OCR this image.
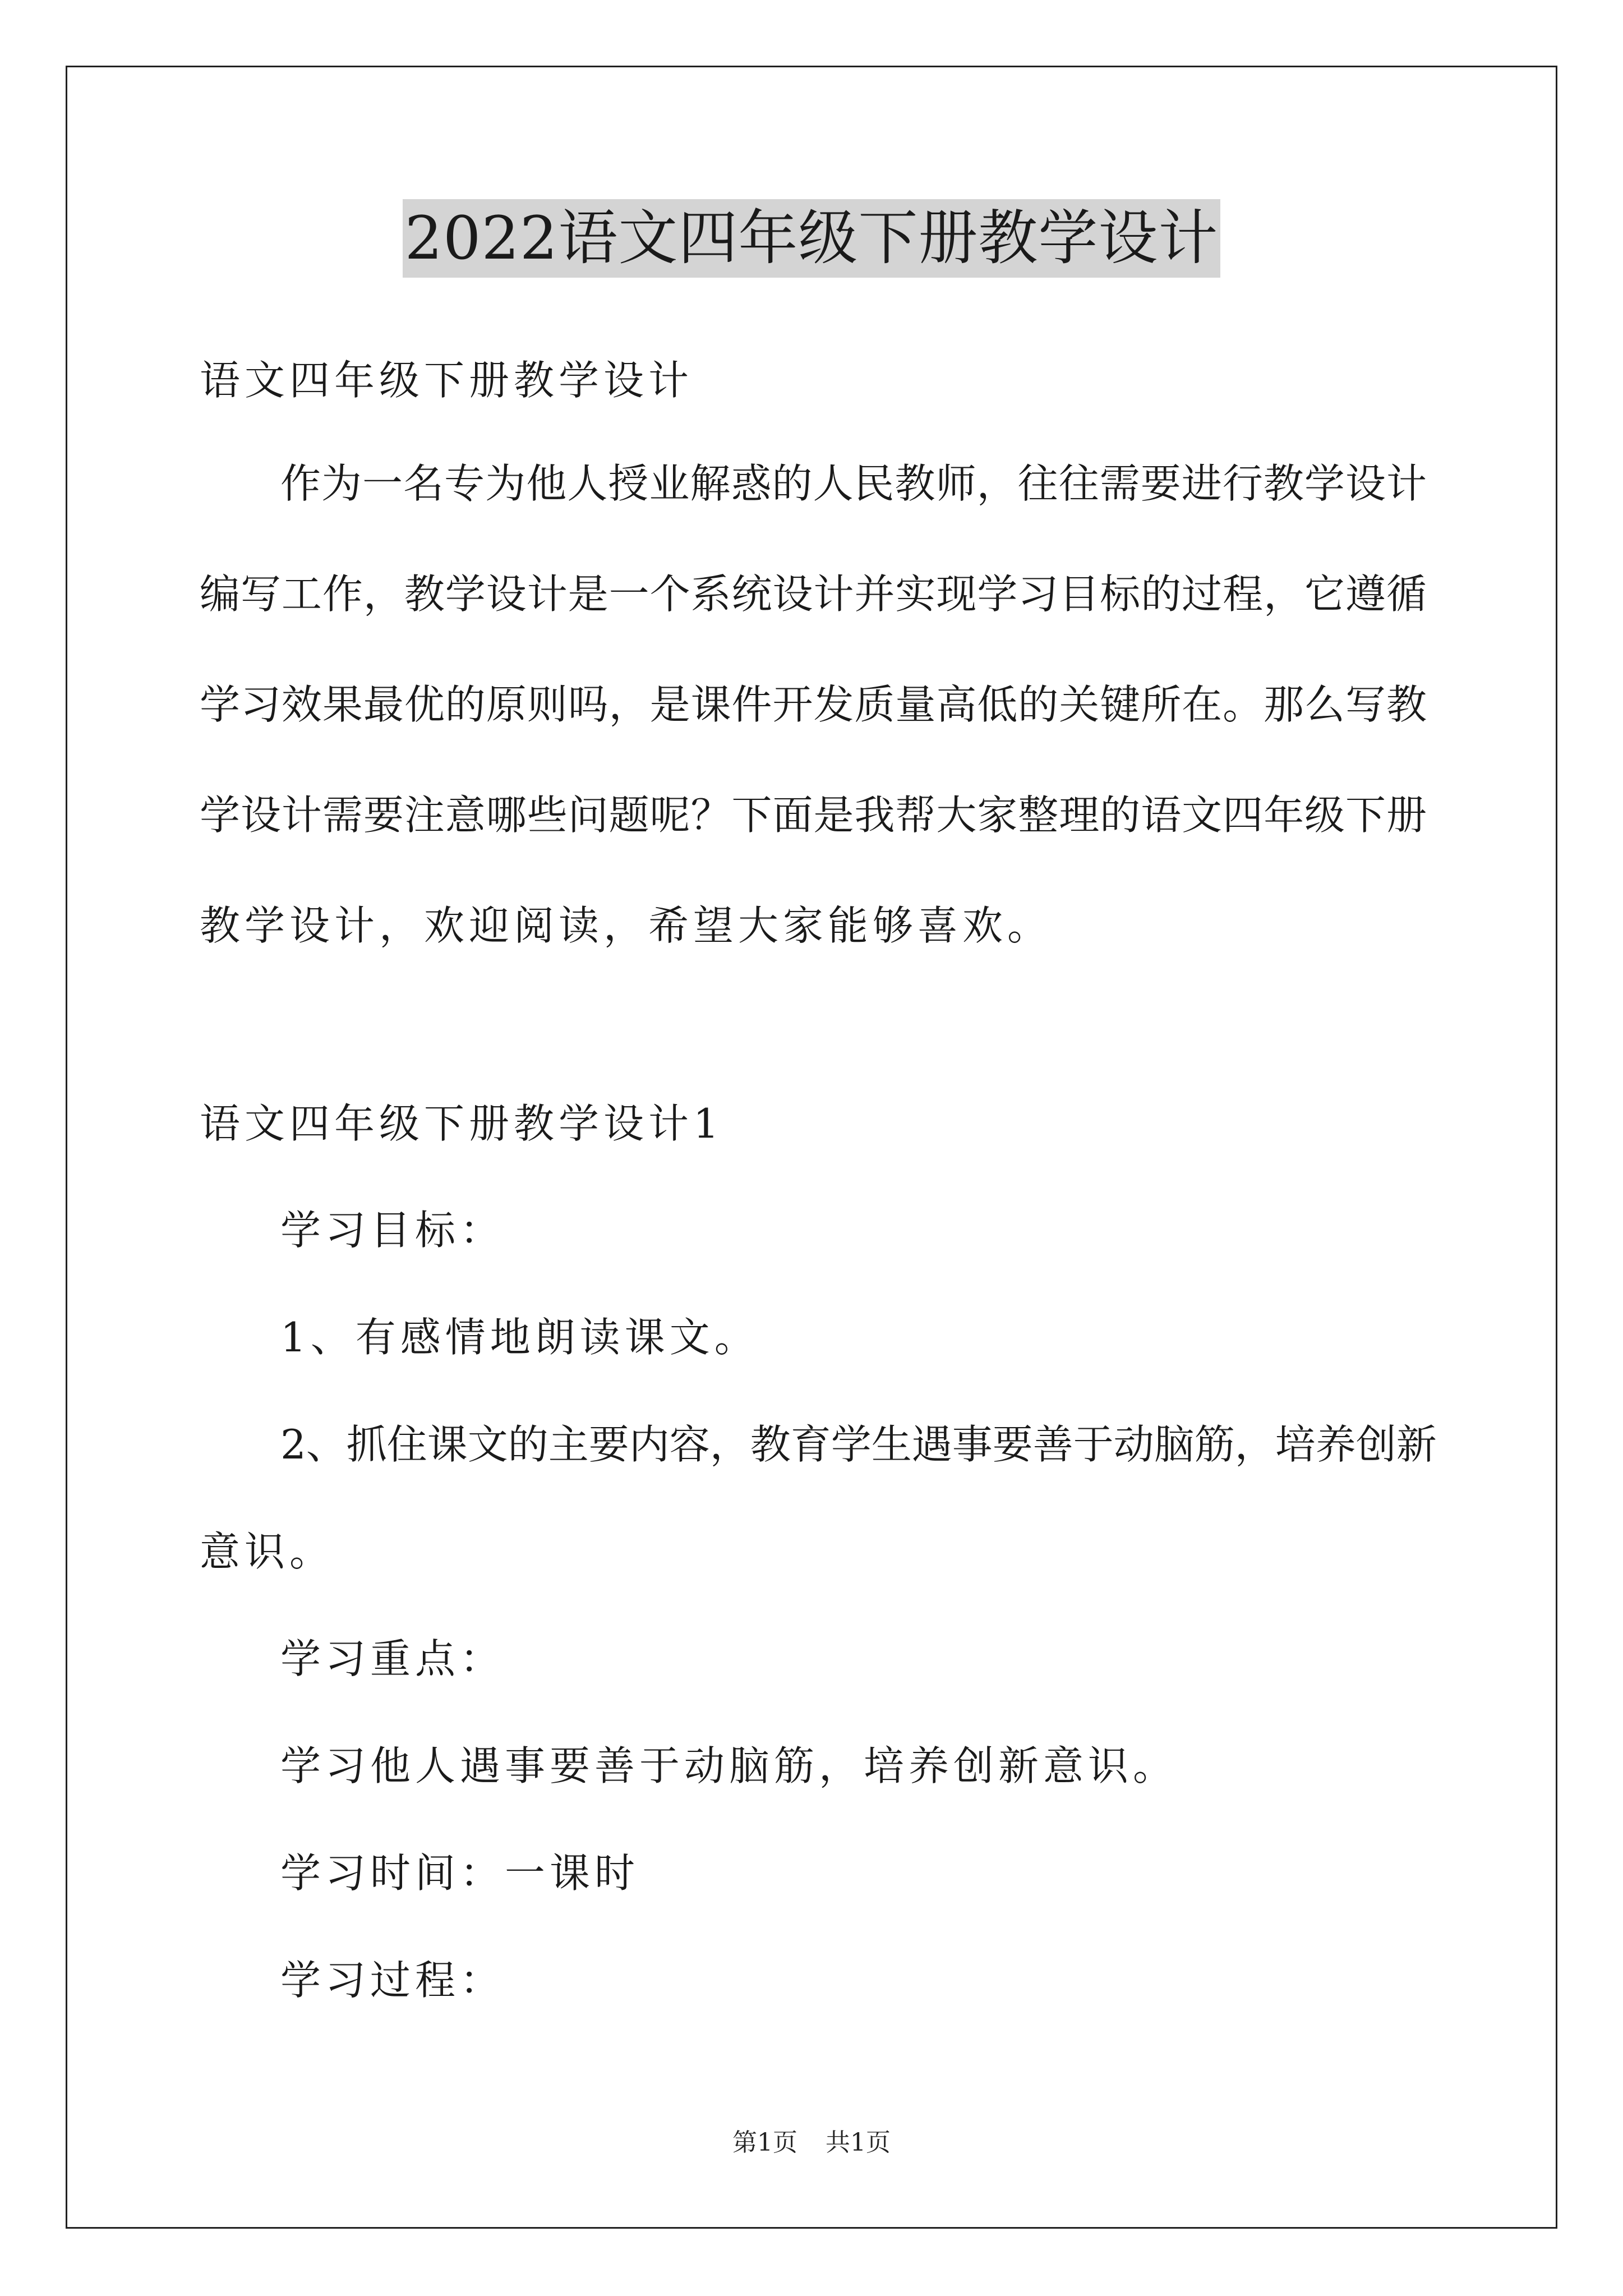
2022语文四年级下册教学设计
语文四年级下册教学设计
作为一名专为他人授业解惑的人民教师，往往需要进行教学设计
编写工作，教学设计是一个系统设计并实现学习目标的过程，它遵循
学习效果最优的原则吗，是课件开发质量高低的关键所在。那么写教
学设计需要注意哪些问题呢？下面是我帮大家整理的语文四年级下册
教学设计，欢迎阅读，希望大家能够喜欢。
语文四年级下册教学设计1
学习目标：
1、有感情地朗读课文。
2、抓住课文的主要内容，教育学生遇事要善于动脑筋，培养创新
意识。
学习重点：
学习他人遇事要善于动脑筋，培养创新意识。
学习时间：一课时
学习过程：
第1页 共1页
